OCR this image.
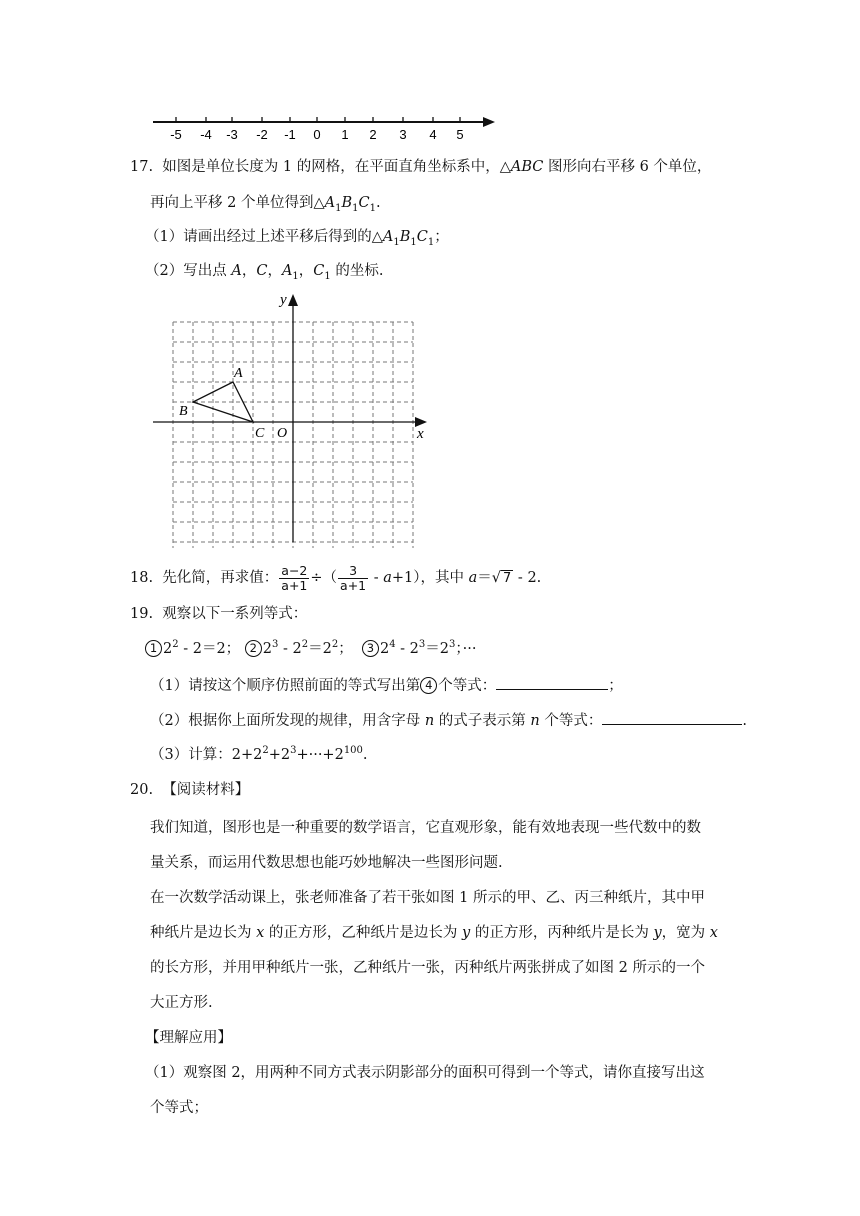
-5 -4 -3 -2 -1 0 1 2 3 4 5
17. 如图是单位长度为 1 的网格，在平面直角坐标系中，△ABC 图形向右平移 6 个单位，
再向上平移 2 个单位得到$\triangle A_1B_1C_1$.
（1）请画出经过上述平移后得到的$\triangle A_1B_1C_1$；
（2）写出点 A，C，$A_1$，$C_1$ 的坐标.
y
x
O
A
B
C
18. 先化简，再求值： $\frac{a-2}{a+1}$ ÷（ $\frac{3}{a+1} - a+1$），其中 a＝√ 7 - 2.
19. 观察以下一系列等式：
1 $2^2 - 2=2$； 2 $2^3 - 2^2=2^2$； 3 $2^4 - 2^3=2^3$；···
（1）请按这个顺序仿照前面的等式写出第 4 个等式：	；
（2）根据你上面所发现的规律，用含字母 n 的式子表示第 n 个等式：	.
（3）计算：$2+2^2+2^3+\cdot\cdot\cdot+2^{100}$.
20. 【阅读材料】
我们知道，图形也是一种重要的数学语言，它直观形象，能有效地表现一些代数中的数
量关系，而运用代数思想也能巧妙地解决一些图形问题.
在一次数学活动课上，张老师准备了若干张如图 1 所示的甲、乙、丙三种纸片，其中甲
种纸片是边长为 x 的正方形，乙种纸片是边长为 y 的正方形，丙种纸片是长为 y，宽为 x
的长方形，并用甲种纸片一张，乙种纸片一张，丙种纸片两张拼成了如图 2 所示的一个
大正方形.
【理解应用】
（1）观察图 2，用两种不同方式表示阴影部分的面积可得到一个等式，请你直接写出这
个等式；
